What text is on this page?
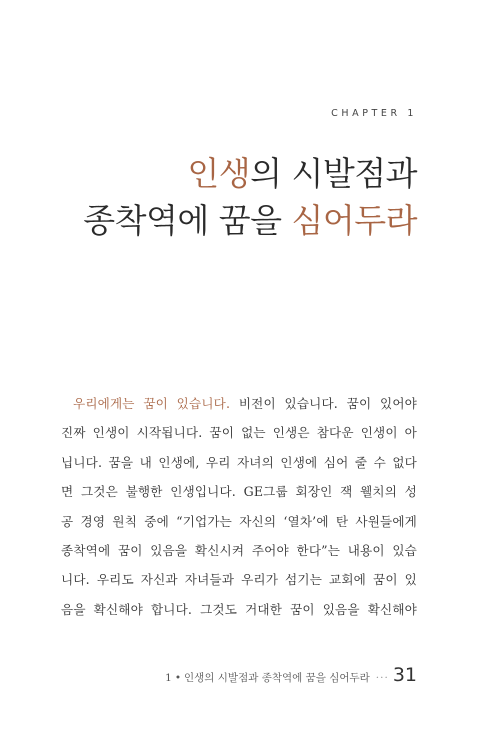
CHAPTER 1
인생의 시발점과
종착역에 꿈을 심어두라
우리에게는 꿈이 있습니다. 비전이 있습니다. 꿈이 있어야
진짜 인생이 시작됩니다. 꿈이 없는 인생은 참다운 인생이 아
닙니다. 꿈을 내 인생에, 우리 자녀의 인생에 심어 줄 수 없다
면 그것은 불행한 인생입니다. GE그룹 회장인 잭 웰치의 성
공 경영 원칙 중에 “기업가는 자신의 ‘열차’에 탄 사원들에게
종착역에 꿈이 있음을 확신시켜 주어야 한다”는 내용이 있습
니다. 우리도 자신과 자녀들과 우리가 섬기는 교회에 꿈이 있
음을 확신해야 합니다. 그것도 거대한 꿈이 있음을 확신해야
1 • 인생의 시발점과 종착역에 꿈을 심어두라 ··· 31
